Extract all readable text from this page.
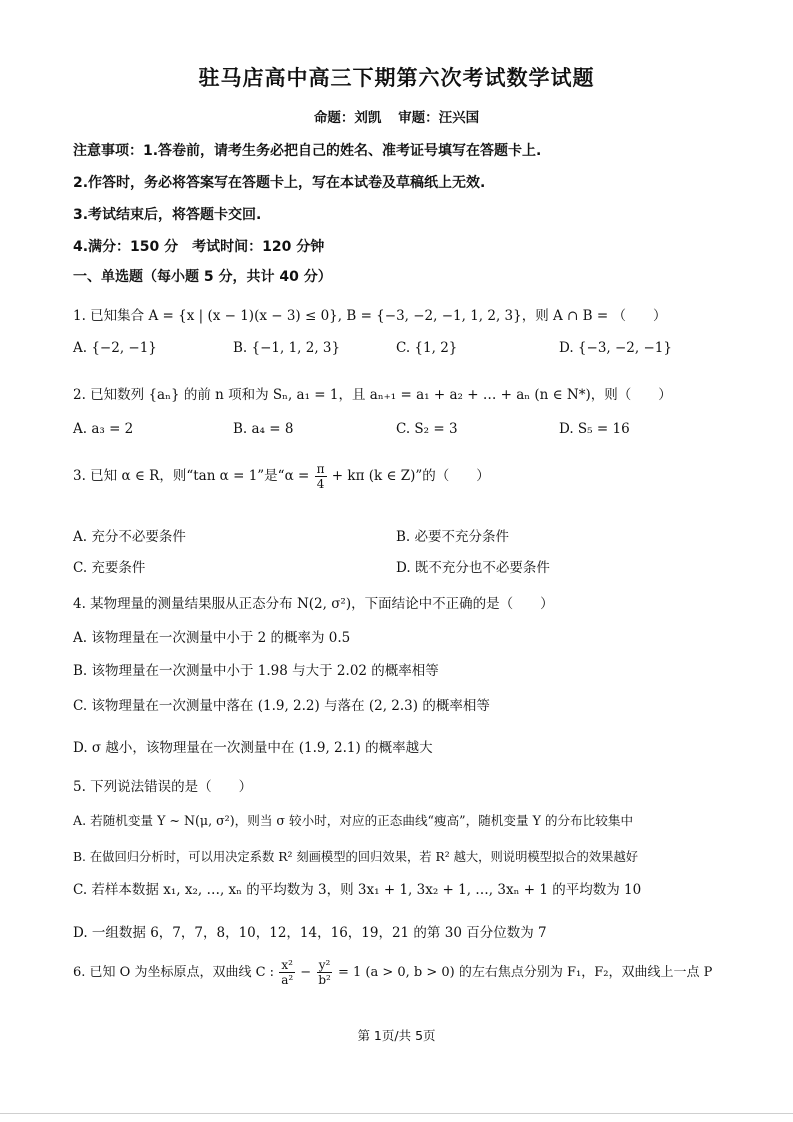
驻马店高中高三下期第六次考试数学试题
命题：刘凯 审题：汪兴国
注意事项：1.答卷前，请考生务必把自己的姓名、准考证号填写在答题卡上.
2.作答时，务必将答案写在答题卡上，写在本试卷及草稿纸上无效.
3.考试结束后，将答题卡交回.
4.满分：150 分　考试时间：120 分钟
一、单选题（每小题 5 分，共计 40 分）
1. 已知集合 A = {x | (x − 1)(x − 3) ≤ 0}, B = {−3, −2, −1, 1, 2, 3}，则 A ∩ B = （　　）
A. {−2, −1}	B. {−1, 1, 2, 3}	C. {1, 2}	D. {−3, −2, −1}
2. 已知数列 {aₙ} 的前 n 项和为 Sₙ, a₁ = 1，且 aₙ₊₁ = a₁ + a₂ + … + aₙ (n ∈ N*)，则（　　）
A. a₃ = 2	B. a₄ = 8	C. S₂ = 3	D. S₅ = 16
3. 已知 α ∈ R，则“tan α = 1”是“$\alpha = \frac{\pi}{4} + k\pi$ (k ∈ Z)”的（　　）
A. 充分不必要条件	B. 必要不充分条件
C. 充要条件	D. 既不充分也不必要条件
4. 某物理量的测量结果服从正态分布 N(2, σ²)，下面结论中不正确的是（　　）
A. 该物理量在一次测量中小于 2 的概率为 0.5
B. 该物理量在一次测量中小于 1.98 与大于 2.02 的概率相等
C. 该物理量在一次测量中落在 (1.9, 2.2) 与落在 (2, 2.3) 的概率相等
D. σ 越小，该物理量在一次测量中在 (1.9, 2.1) 的概率越大
5. 下列说法错误的是（　　）
A. 若随机变量 Y ~ N(μ, σ²)，则当 σ 较小时，对应的正态曲线“瘦高”，随机变量 Y 的分布比较集中
B. 在做回归分析时，可以用决定系数 R² 刻画模型的回归效果，若 R² 越大，则说明模型拟合的效果越好
C. 若样本数据 x₁, x₂, …, xₙ 的平均数为 3，则 3x₁ + 1, 3x₂ + 1, …, 3xₙ + 1 的平均数为 10
D. 一组数据 6，7，7，8，10，12，14，16，19，21 的第 30 百分位数为 7
6. 已知 O 为坐标原点，双曲线 C : $\frac{\text{x²}}{\text{a²}} - \frac{\text{y²}}{\text{b²}} = 1$ (a > 0, b > 0) 的左右焦点分别为 F₁，F₂，双曲线上一点 P
第 1页/共 5页
